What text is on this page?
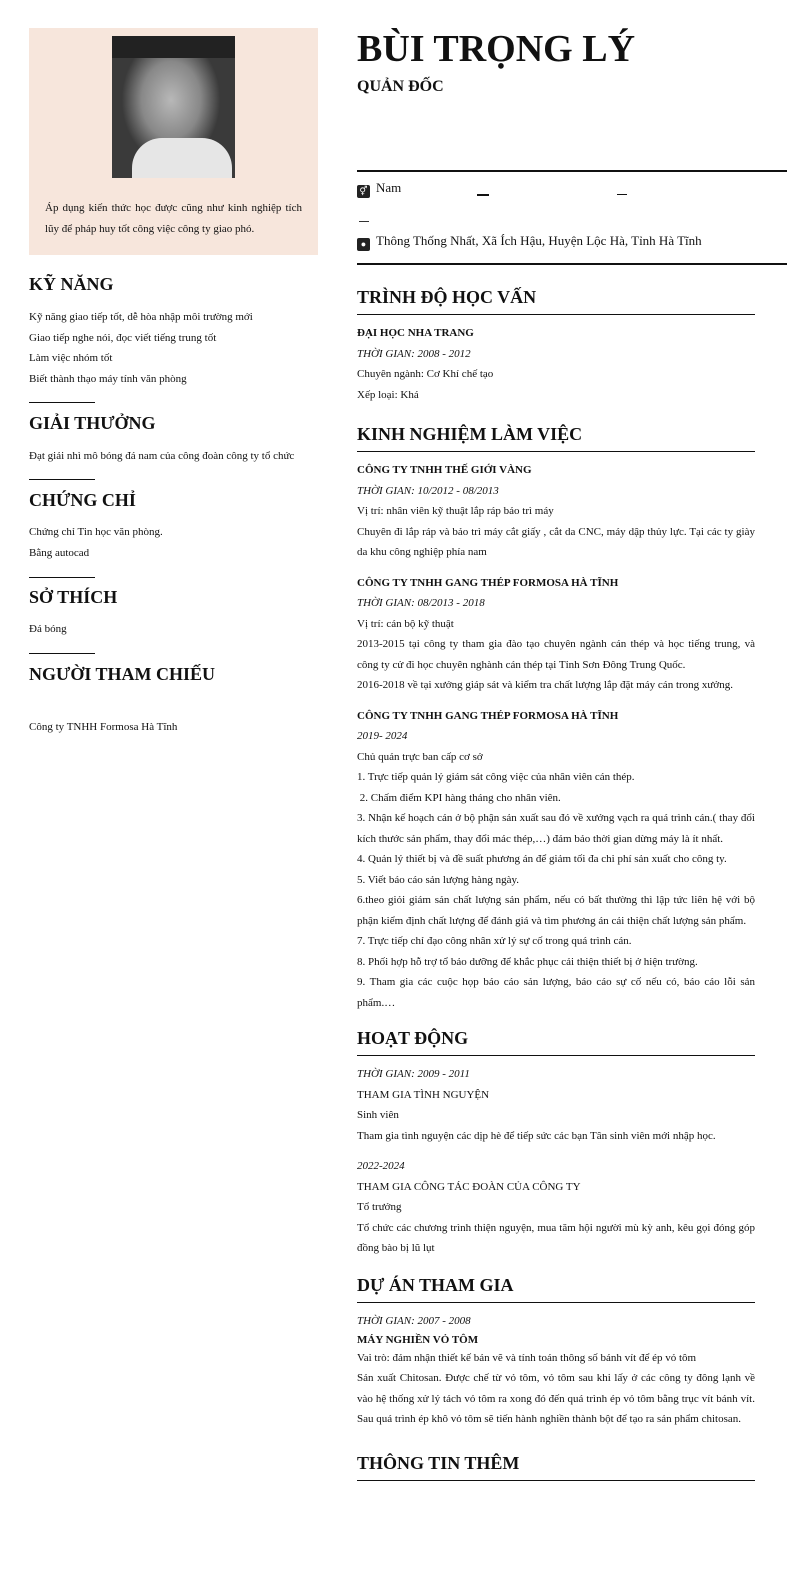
Áp dụng kiến thức học được cũng như kinh nghiệp tích lũy để pháp huy tốt công việc công ty giao phó.
KỸ NĂNG
Kỹ năng giao tiếp tốt, dễ hòa nhập môi trường mới
Giao tiếp nghe nói, đọc viết tiếng trung tốt
Làm việc nhóm tốt
Biết thành thạo máy tính văn phòng
GIẢI THƯỞNG
Đạt giải nhì mô bóng đá nam của công đoàn công ty tổ chức
CHỨNG CHỈ
Chứng chỉ Tin học văn phòng.
Bằng autocad
SỞ THÍCH
Đá bóng
NGƯỜI THAM CHIẾU
Công ty TNHH Formosa Hà Tĩnh
BÙI TRỌNG LÝ
QUẢN ĐỐC
⚥ Nam
● Thông Thống Nhất, Xã Ích Hậu, Huyện Lộc Hà, Tỉnh Hà Tĩnh
TRÌNH ĐỘ HỌC VẤN
ĐẠI HỌC NHA TRANG
THỜI GIAN: 2008 - 2012
Chuyên ngành: Cơ Khí chế tạo
Xếp loại: Khá
KINH NGHIỆM LÀM VIỆC
CÔNG TY TNHH THẾ GIỚI VÀNG
THỜI GIAN: 10/2012 - 08/2013
Vị trí: nhân viên kỹ thuật lắp ráp bảo trì máy
Chuyên đi lắp ráp và bảo trì máy cắt giấy , cắt da CNC, máy dập thủy lực. Tại các ty giày da khu công nghiệp phía nam
CÔNG TY TNHH GANG THÉP FORMOSA HÀ TĨNH
THỜI GIAN: 08/2013 - 2018
Vị trí: cán bộ kỹ thuật
2013-2015 tại công ty tham gia đào tạo chuyên ngành cán thép và học tiếng trung, và công ty cử đi học chuyên nghành cán thép tại Tỉnh Sơn Đông Trung Quốc.
2016-2018 về tại xưởng giáp sát và kiểm tra chất lượng lắp đặt máy cán trong xưởng.
CÔNG TY TNHH GANG THÉP FORMOSA HÀ TĨNH
2019- 2024
Chủ quản trực ban cấp cơ sở
1. Trực tiếp quản lý giám sát công việc của nhân viên cán thép.
2. Chấm điểm KPI hàng tháng cho nhân viên.
3. Nhận kế hoạch cán ở bộ phận sản xuất sau đó về xưởng vạch ra quá trình cán.( thay đổi kích thước sản phẩm, thay đổi mác thép,…) đảm bảo thời gian dừng máy là ít nhất.
4. Quản lý thiết bị và đề suất phương án để giảm tối đa chi phí sản xuất cho công ty.
5. Viết báo cáo sản lượng hàng ngày.
6.theo giỏi giám sản chất lượng sản phẩm, nếu có bất thường thì lập tức liên hệ với bộ phận kiểm định chất lượng để đánh giá và tìm phương án cải thiện chất lượng sản phẩm.
7. Trực tiếp chỉ đạo công nhân xử lý sự cố trong quá trình cán.
8. Phối hợp hỗ trợ tổ bảo dưỡng để khắc phục cải thiện thiết bị ở hiện trường.
9. Tham gia các cuộc họp báo cáo sản lượng, báo cáo sự cố nếu có, báo cáo lỗi sản phẩm.…
HOẠT ĐỘNG
THỜI GIAN: 2009 - 2011
THAM GIA TÌNH NGUYỆN
Sinh viên
Tham gia tình nguyện các dịp hè để tiếp sức các bạn Tân sinh viên mới nhập học.
2022-2024
THAM GIA CÔNG TÁC ĐOÀN CỦA CÔNG TY
Tổ trưởng
Tổ chức các chương trình thiện nguyện, mua tăm hội người mù kỳ anh, kêu gọi đóng góp đồng bào bị lũ lụt
DỰ ÁN THAM GIA
THỜI GIAN: 2007 - 2008
MÁY NGHIỀN VỎ TÔM
Vai trò: đảm nhận thiết kế bản vẽ và tính toán thông số bánh vít để ép vỏ tôm
Sản xuất Chitosan. Được chế từ vỏ tôm, vỏ tôm sau khi lấy ở các công ty đông lạnh về vào hệ thống xử lý tách vỏ tôm ra xong đó đến quá trình ép vỏ tôm bằng trục vít bánh vít. Sau quá trình ép khô vỏ tôm sẽ tiến hành nghiền thành bột để tạo ra sản phẩm chitosan.
THÔNG TIN THÊM
